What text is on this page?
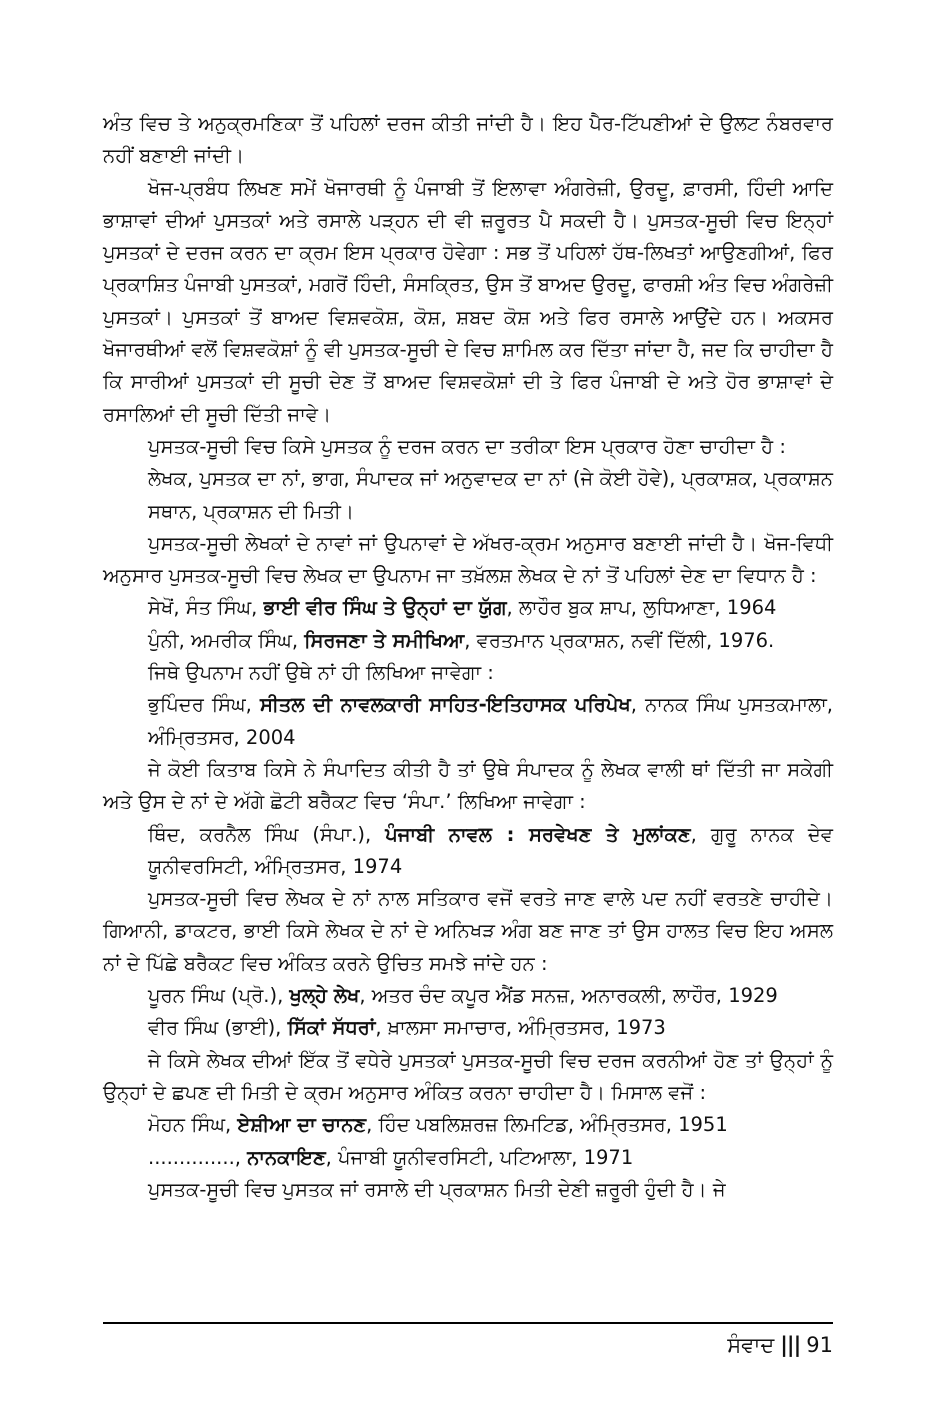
ਅੰਤ ਵਿਚ ਤੇ ਅਨੁਕ੍ਰਮਣਿਕਾ ਤੋਂ ਪਹਿਲਾਂ ਦਰਜ ਕੀਤੀ ਜਾਂਦੀ ਹੈ। ਇਹ ਪੈਰ-ਟਿੱਪਣੀਆਂ ਦੇ ਉਲਟ ਨੰਬਰਵਾਰ ਨਹੀਂ ਬਣਾਈ ਜਾਂਦੀ।

ਖੋਜ-ਪ੍ਰਬੰਧ ਲਿਖਣ ਸਮੇਂ ਖੋਜਾਰਥੀ ਨੂੰ ਪੰਜਾਬੀ ਤੋਂ ਇਲਾਵਾ ਅੰਗਰੇਜ਼ੀ, ਉਰਦੂ, ਫ਼ਾਰਸੀ, ਹਿੰਦੀ ਆਦਿ ਭਾਸ਼ਾਵਾਂ ਦੀਆਂ ਪੁਸਤਕਾਂ ਅਤੇ ਰਸਾਲੇ ਪੜ੍ਹਨ ਦੀ ਵੀ ਜ਼ਰੂਰਤ ਪੈ ਸਕਦੀ ਹੈ। ਪੁਸਤਕ-ਸੂਚੀ ਵਿਚ ਇਨ੍ਹਾਂ ਪੁਸਤਕਾਂ ਦੇ ਦਰਜ ਕਰਨ ਦਾ ਕ੍ਰਮ ਇਸ ਪ੍ਰਕਾਰ ਹੋਵੇਗਾ : ਸਭ ਤੋਂ ਪਹਿਲਾਂ ਹੱਥ-ਲਿਖਤਾਂ ਆਉਣਗੀਆਂ, ਫਿਰ ਪ੍ਰਕਾਸ਼ਿਤ ਪੰਜਾਬੀ ਪੁਸਤਕਾਂ, ਮਗਰੋਂ ਹਿੰਦੀ, ਸੰਸਕ੍ਰਿਤ, ਉਸ ਤੋਂ ਬਾਅਦ ਉਰਦੂ, ਫਾਰਸ਼ੀ ਅੰਤ ਵਿਚ ਅੰਗਰੇਜ਼ੀ ਪੁਸਤਕਾਂ। ਪੁਸਤਕਾਂ ਤੋਂ ਬਾਅਦ ਵਿਸ਼ਵਕੋਸ਼, ਕੋਸ਼, ਸ਼ਬਦ ਕੋਸ਼ ਅਤੇ ਫਿਰ ਰਸਾਲੇ ਆਉਂਦੇ ਹਨ। ਅਕਸਰ ਖੋਜਾਰਥੀਆਂ ਵਲੋਂ ਵਿਸ਼ਵਕੋਸ਼ਾਂ ਨੂੰ ਵੀ ਪੁਸਤਕ-ਸੂਚੀ ਦੇ ਵਿਚ ਸ਼ਾਮਿਲ ਕਰ ਦਿੱਤਾ ਜਾਂਦਾ ਹੈ, ਜਦ ਕਿ ਚਾਹੀਦਾ ਹੈ ਕਿ ਸਾਰੀਆਂ ਪੁਸਤਕਾਂ ਦੀ ਸੂਚੀ ਦੇਣ ਤੋਂ ਬਾਅਦ ਵਿਸ਼ਵਕੋਸ਼ਾਂ ਦੀ ਤੇ ਫਿਰ ਪੰਜਾਬੀ ਦੇ ਅਤੇ ਹੋਰ ਭਾਸ਼ਾਵਾਂ ਦੇ ਰਸਾਲਿਆਂ ਦੀ ਸੂਚੀ ਦਿੱਤੀ ਜਾਵੇ।

ਪੁਸਤਕ-ਸੂਚੀ ਵਿਚ ਕਿਸੇ ਪੁਸਤਕ ਨੂੰ ਦਰਜ ਕਰਨ ਦਾ ਤਰੀਕਾ ਇਸ ਪ੍ਰਕਾਰ ਹੋਣਾ ਚਾਹੀਦਾ ਹੈ :

ਲੇਖਕ, ਪੁਸਤਕ ਦਾ ਨਾਂ, ਭਾਗ, ਸੰਪਾਦਕ ਜਾਂ ਅਨੁਵਾਦਕ ਦਾ ਨਾਂ (ਜੇ ਕੋਈ ਹੋਵੇ), ਪ੍ਰਕਾਸ਼ਕ, ਪ੍ਰਕਾਸ਼ਨ ਸਥਾਨ, ਪ੍ਰਕਾਸ਼ਨ ਦੀ ਮਿਤੀ।

ਪੁਸਤਕ-ਸੂਚੀ ਲੇਖਕਾਂ ਦੇ ਨਾਵਾਂ ਜਾਂ ਉਪਨਾਵਾਂ ਦੇ ਅੱਖਰ-ਕ੍ਰਮ ਅਨੁਸਾਰ ਬਣਾਈ ਜਾਂਦੀ ਹੈ। ਖੋਜ-ਵਿਧੀ ਅਨੁਸਾਰ ਪੁਸਤਕ-ਸੂਚੀ ਵਿਚ ਲੇਖਕ ਦਾ ਉਪਨਾਮ ਜਾ ਤਖ਼ੱਲਸ਼ ਲੇਖਕ ਦੇ ਨਾਂ ਤੋਂ ਪਹਿਲਾਂ ਦੇਣ ਦਾ ਵਿਧਾਨ ਹੈ :

ਸੇਖੋਂ, ਸੰਤ ਸਿੰਘ, ਭਾਈ ਵੀਰ ਸਿੰਘ ਤੇ ਉਨ੍ਹਾਂ ਦਾ ਯੁੱਗ, ਲਾਹੌਰ ਬੁਕ ਸ਼ਾਪ, ਲੁਧਿਆਣਾ, 1964

ਪੁੰਨੀ, ਅਮਰੀਕ ਸਿੰਘ, ਸਿਰਜਣਾ ਤੇ ਸਮੀਖਿਆ, ਵਰਤਮਾਨ ਪ੍ਰਕਾਸ਼ਨ, ਨਵੀਂ ਦਿੱਲੀ, 1976.

ਜਿਥੇ ਉਪਨਾਮ ਨਹੀਂ ਉਥੇ ਨਾਂ ਹੀ ਲਿਖਿਆ ਜਾਵੇਗਾ :

ਭੁਪਿੰਦਰ ਸਿੰਘ, ਸੀਤਲ ਦੀ ਨਾਵਲਕਾਰੀ ਸਾਹਿਤ-ਇਤਿਹਾਸਕ ਪਰਿਪੇਖ, ਨਾਨਕ ਸਿੰਘ ਪੁਸਤਕਮਾਲਾ, ਅੰਮ੍ਰਿਤਸਰ, 2004

ਜੇ ਕੋਈ ਕਿਤਾਬ ਕਿਸੇ ਨੇ ਸੰਪਾਦਿਤ ਕੀਤੀ ਹੈ ਤਾਂ ਉਥੇ ਸੰਪਾਦਕ ਨੂੰ ਲੇਖਕ ਵਾਲੀ ਥਾਂ ਦਿੱਤੀ ਜਾ ਸਕੇਗੀ ਅਤੇ ਉਸ ਦੇ ਨਾਂ ਦੇ ਅੱਗੇ ਛੋਟੀ ਬਰੈਕਟ ਵਿਚ ‘ਸੰਪਾ.’ ਲਿਖਿਆ ਜਾਵੇਗਾ :

ਥਿੰਦ, ਕਰਨੈਲ ਸਿੰਘ (ਸੰਪਾ.), ਪੰਜਾਬੀ ਨਾਵਲ : ਸਰਵੇਖਣ ਤੇ ਮੁਲਾਂਕਣ, ਗੁਰੂ ਨਾਨਕ ਦੇਵ ਯੂਨੀਵਰਸਿਟੀ, ਅੰਮ੍ਰਿਤਸਰ, 1974

ਪੁਸਤਕ-ਸੂਚੀ ਵਿਚ ਲੇਖਕ ਦੇ ਨਾਂ ਨਾਲ ਸਤਿਕਾਰ ਵਜੋਂ ਵਰਤੇ ਜਾਣ ਵਾਲੇ ਪਦ ਨਹੀਂ ਵਰਤਣੇ ਚਾਹੀਦੇ। ਗਿਆਨੀ, ਡਾਕਟਰ, ਭਾਈ ਕਿਸੇ ਲੇਖਕ ਦੇ ਨਾਂ ਦੇ ਅਨਿਖੜ ਅੰਗ ਬਣ ਜਾਣ ਤਾਂ ਉਸ ਹਾਲਤ ਵਿਚ ਇਹ ਅਸਲ ਨਾਂ ਦੇ ਪਿੱਛੇ ਬਰੈਕਟ ਵਿਚ ਅੰਕਿਤ ਕਰਨੇ ਉਚਿਤ ਸਮਝੇ ਜਾਂਦੇ ਹਨ :

ਪੂਰਨ ਸਿੰਘ (ਪ੍ਰੋ.), ਖੁਲ੍ਹੇ ਲੇਖ, ਅਤਰ ਚੰਦ ਕਪੂਰ ਐਂਡ ਸਨਜ਼, ਅਨਾਰਕਲੀ, ਲਾਹੌਰ, 1929

ਵੀਰ ਸਿੰਘ (ਭਾਈ), ਸਿੱਕਾਂ ਸੱਧਰਾਂ, ਖ਼ਾਲਸਾ ਸਮਾਚਾਰ, ਅੰਮ੍ਰਿਤਸਰ, 1973

ਜੇ ਕਿਸੇ ਲੇਖਕ ਦੀਆਂ ਇੱਕ ਤੋਂ ਵਧੇਰੇ ਪੁਸਤਕਾਂ ਪੁਸਤਕ-ਸੂਚੀ ਵਿਚ ਦਰਜ ਕਰਨੀਆਂ ਹੋਣ ਤਾਂ ਉਨ੍ਹਾਂ ਨੂੰ ਉਨ੍ਹਾਂ ਦੇ ਛਪਣ ਦੀ ਮਿਤੀ ਦੇ ਕ੍ਰਮ ਅਨੁਸਾਰ ਅੰਕਿਤ ਕਰਨਾ ਚਾਹੀਦਾ ਹੈ। ਮਿਸਾਲ ਵਜੋਂ :

ਮੋਹਨ ਸਿੰਘ, ਏਸ਼ੀਆ ਦਾ ਚਾਨਣ, ਹਿੰਦ ਪਬਲਿਸ਼ਰਜ਼ ਲਿਮਟਿਡ, ਅੰਮ੍ਰਿਤਸਰ, 1951

.............., ਨਾਨਕਾਇਣ, ਪੰਜਾਬੀ ਯੂਨੀਵਰਸਿਟੀ, ਪਟਿਆਲਾ, 1971

ਪੁਸਤਕ-ਸੂਚੀ ਵਿਚ ਪੁਸਤਕ ਜਾਂ ਰਸਾਲੇ ਦੀ ਪ੍ਰਕਾਸ਼ਨ ਮਿਤੀ ਦੇਣੀ ਜ਼ਰੂਰੀ ਹੁੰਦੀ ਹੈ। ਜੇ

ਸੰਵਾਦ ||| 91
